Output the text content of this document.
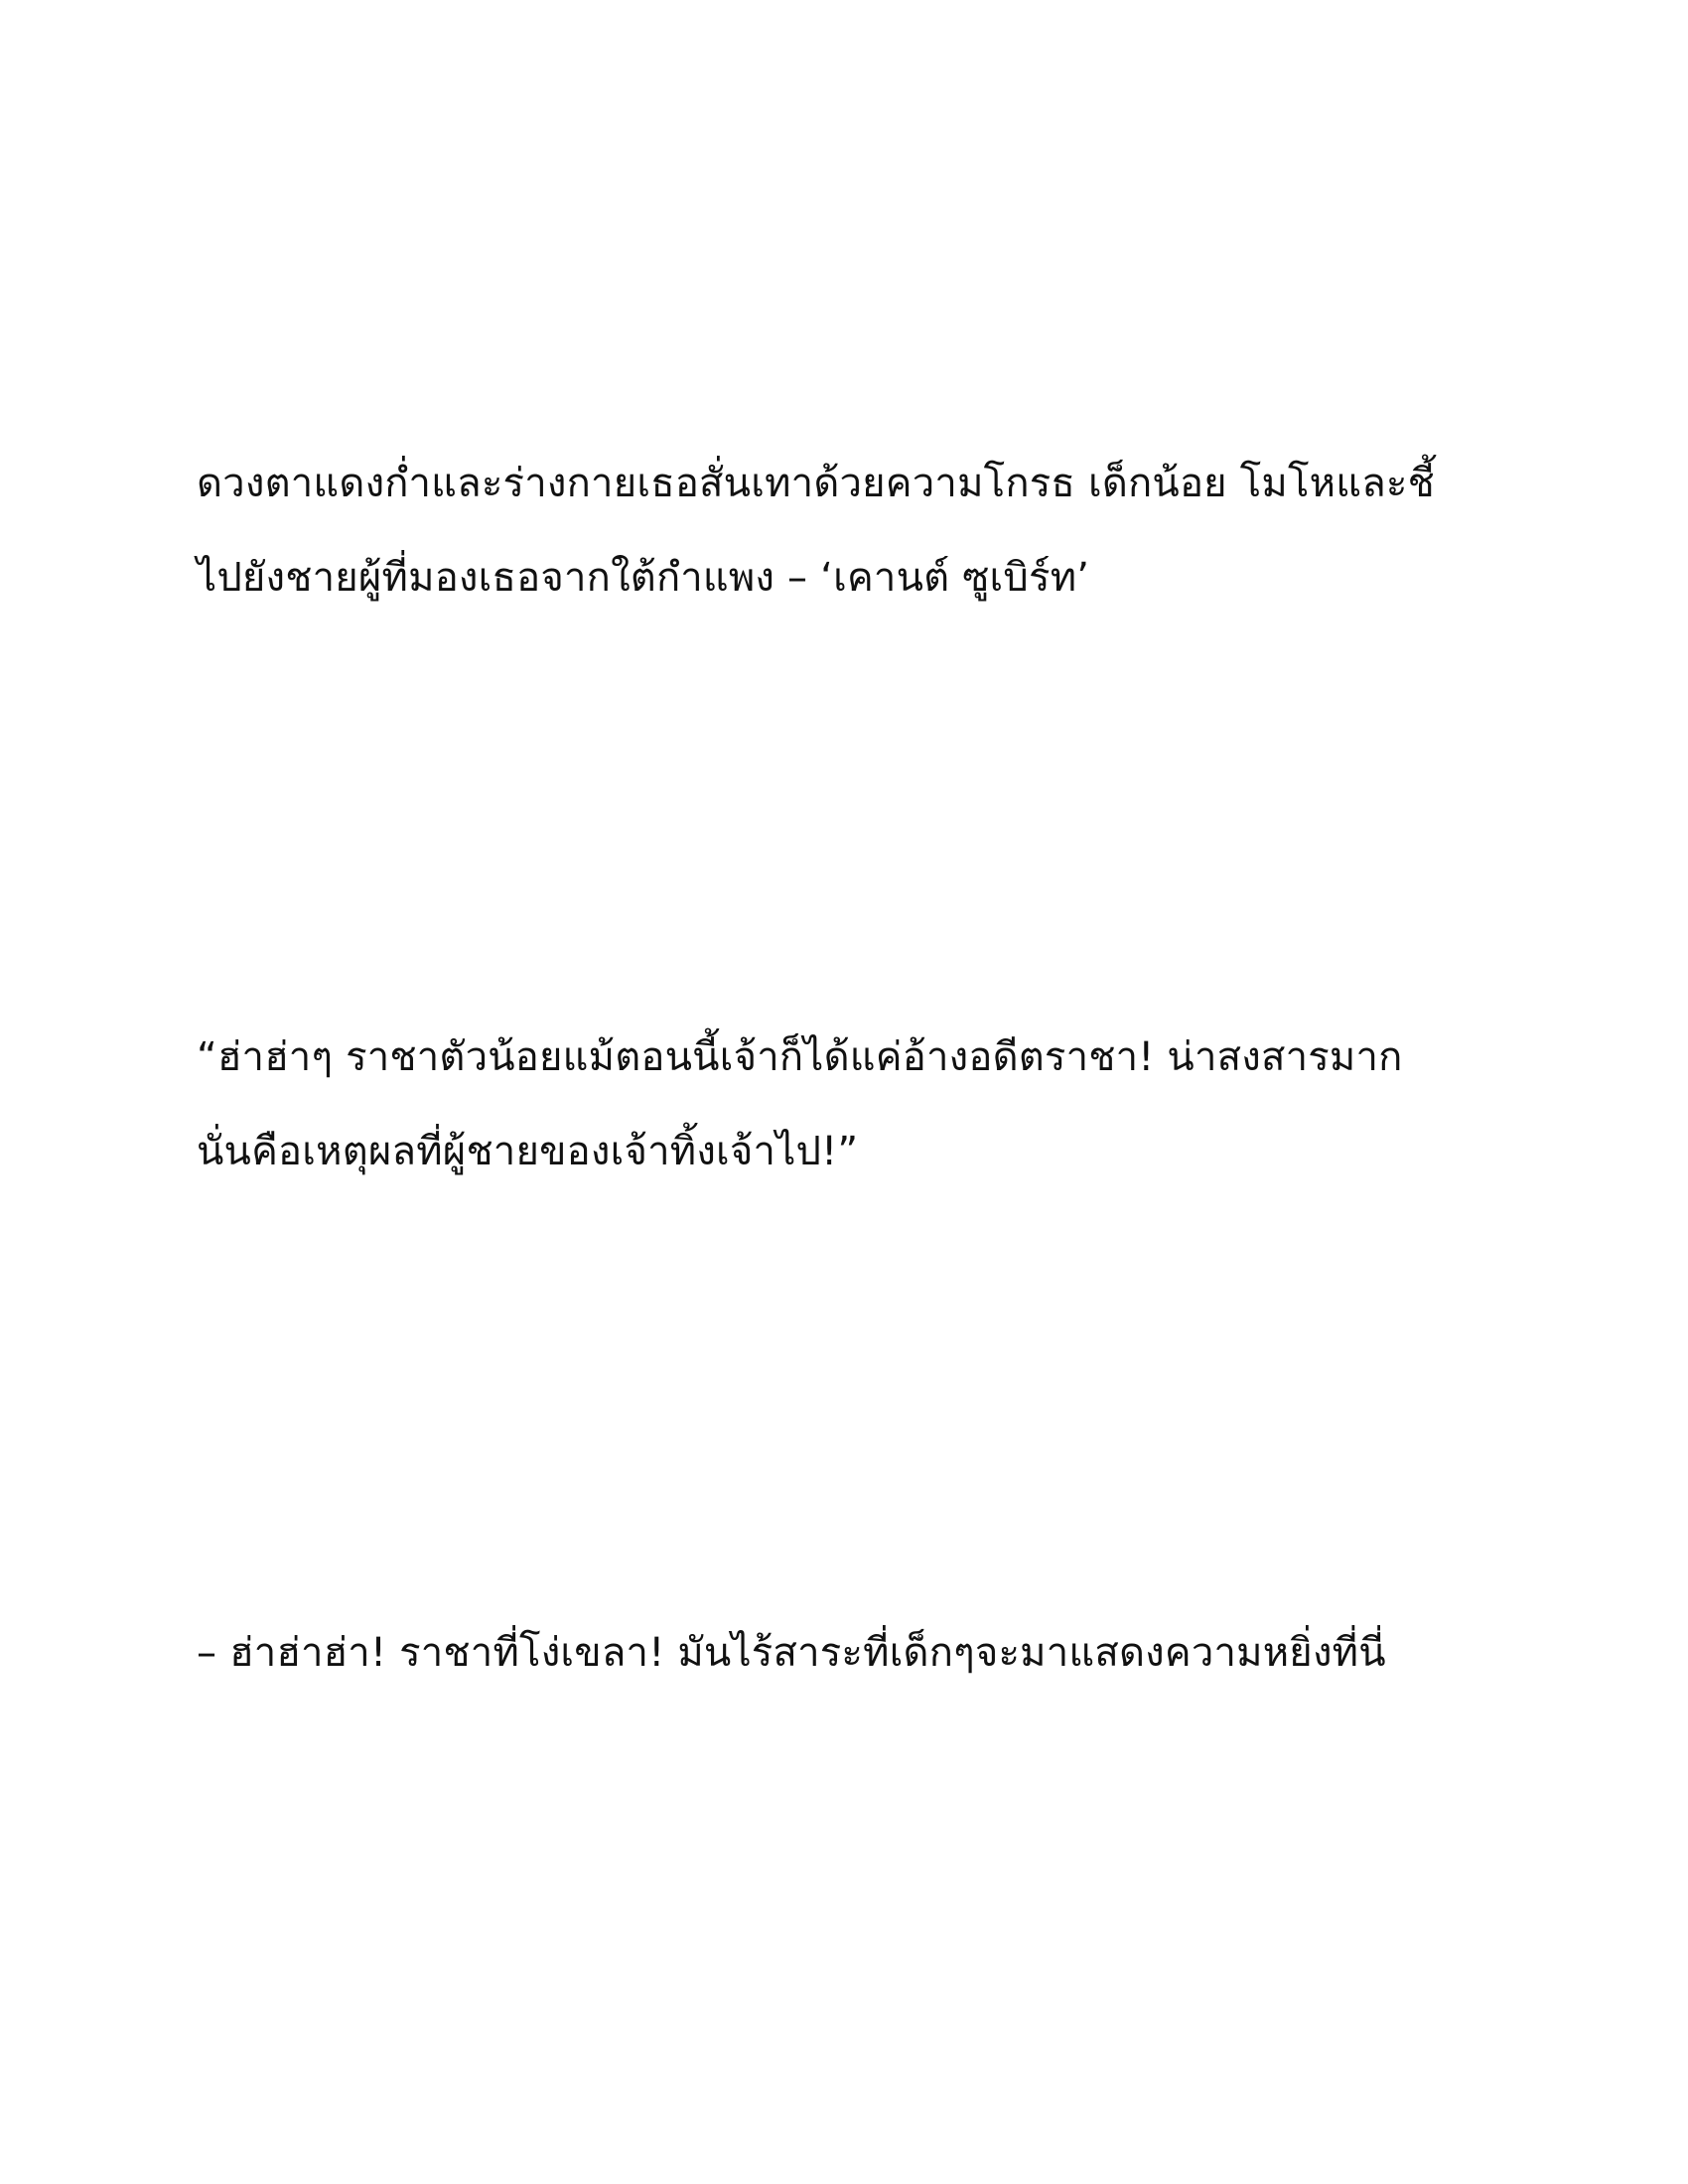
ดวงตาแดงก่ำและร่างกายเธอสั่นเทาด้วยความโกรธ เด็กน้อย โมโหและชี้
ไปยังชายผู้ที่มองเธอจากใต้กำแพง – ‘เคานต์ ซูเบิร์ท’

“ฮ่าฮ่าๆ ราชาตัวน้อยแม้ตอนนี้เจ้าก็ได้แค่อ้างอดีตราชา! น่าสงสารมาก
นั่นคือเหตุผลที่ผู้ชายของเจ้าทิ้งเจ้าไป!”

– ฮ่าฮ่าฮ่า! ราชาที่โง่เขลา! มันไร้สาระที่เด็กๆจะมาแสดงความหยิ่งที่นี่
